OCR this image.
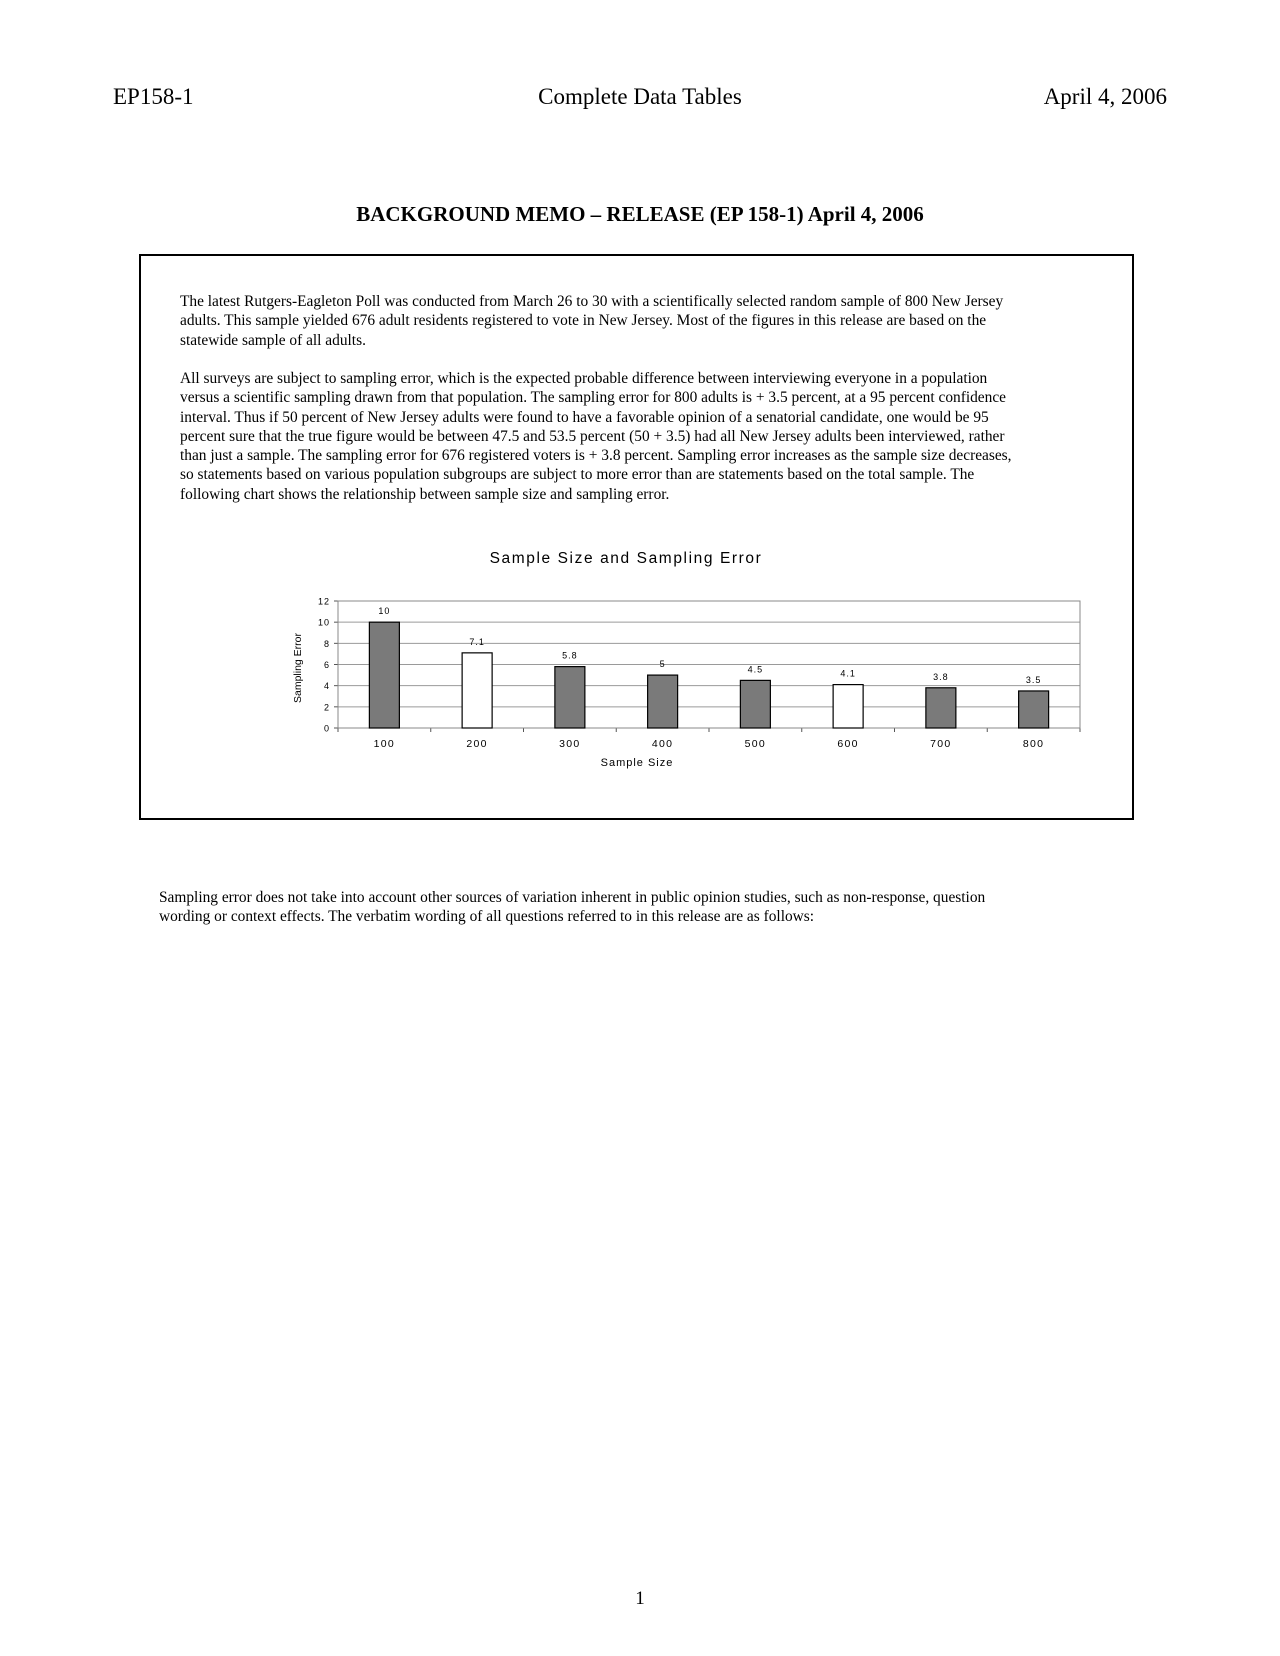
EP158-1	Complete Data Tables	April 4, 2006
BACKGROUND MEMO – RELEASE (EP 158-1) April 4, 2006

The latest Rutgers-Eagleton Poll was conducted from March 26 to 30 with a scientifically selected random sample of 800 New Jersey
adults. This sample yielded 676 adult residents registered to vote in New Jersey. Most of the figures in this release are based on the
statewide sample of all adults.

All surveys are subject to sampling error, which is the expected probable difference between interviewing everyone in a population
versus a scientific sampling drawn from that population. The sampling error for 800 adults is + 3.5 percent, at a 95 percent confidence
interval. Thus if 50 percent of New Jersey adults were found to have a favorable opinion of a senatorial candidate, one would be 95
percent sure that the true figure would be between 47.5 and 53.5 percent (50 + 3.5) had all New Jersey adults been interviewed, rather
than just a sample. The sampling error for 676 registered voters is + 3.8 percent. Sampling error increases as the sample size decreases,
so statements based on various population subgroups are subject to more error than are statements based on the total sample. The
following chart shows the relationship between sample size and sampling error.

Sample Size and Sampling Error
0
2
4
6
8
10
12
10
100
7.1
200
5.8
300
5
400
4.5
500
4.1
600
3.8
700
3.5
800
Sampling Error
Sample Size

Sampling error does not take into account other sources of variation inherent in public opinion studies, such as non-response, question
wording or context effects. The verbatim wording of all questions referred to in this release are as follows:

1
